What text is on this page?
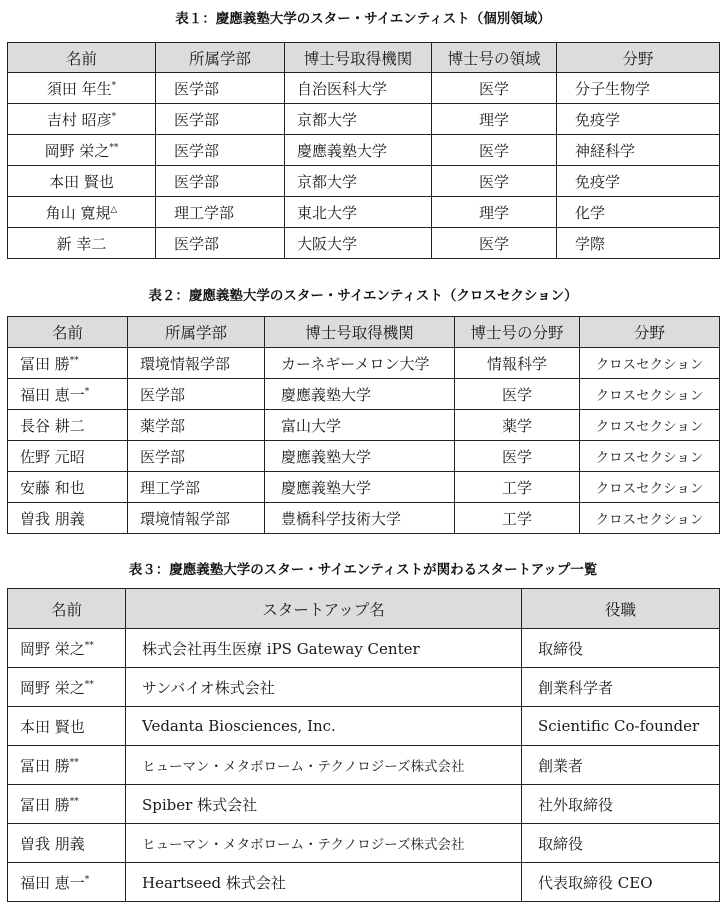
表１：慶應義塾大学のスター・サイエンティスト（個別領域）
名前	所属学部	博士号取得機関	博士号の領域	分野
須田 年生*	医学部	自治医科大学	医学	分子生物学
吉村 昭彦*	医学部	京都大学	理学	免疫学
岡野 栄之**	医学部	慶應義塾大学	医学	神経科学
本田 賢也	医学部	京都大学	医学	免疫学
角山 寛規△	理工学部	東北大学	理学	化学
新 幸二	医学部	大阪大学	医学	学際
表２：慶應義塾大学のスター・サイエンティスト（クロスセクション）
名前	所属学部	博士号取得機関	博士号の分野	分野
冨田 勝**	環境情報学部	カーネギーメロン大学	情報科学	クロスセクション
福田 恵一*	医学部	慶應義塾大学	医学	クロスセクション
長谷 耕二	薬学部	富山大学	薬学	クロスセクション
佐野 元昭	医学部	慶應義塾大学	医学	クロスセクション
安藤 和也	理工学部	慶應義塾大学	工学	クロスセクション
曽我 朋義	環境情報学部	豊橋科学技術大学	工学	クロスセクション
表３：慶應義塾大学のスター・サイエンティストが関わるスタートアップ一覧
名前	スタートアップ名	役職
岡野 栄之**	株式会社再生医療 iPS Gateway Center	取締役
岡野 栄之**	サンバイオ株式会社	創業科学者
本田 賢也	Vedanta Biosciences, Inc.	Scientific Co-founder
冨田 勝**	ヒューマン・メタボローム・テクノロジーズ株式会社	創業者
冨田 勝**	Spiber 株式会社	社外取締役
曽我 朋義	ヒューマン・メタボローム・テクノロジーズ株式会社	取締役
福田 恵一*	Heartseed 株式会社	代表取締役 CEO
